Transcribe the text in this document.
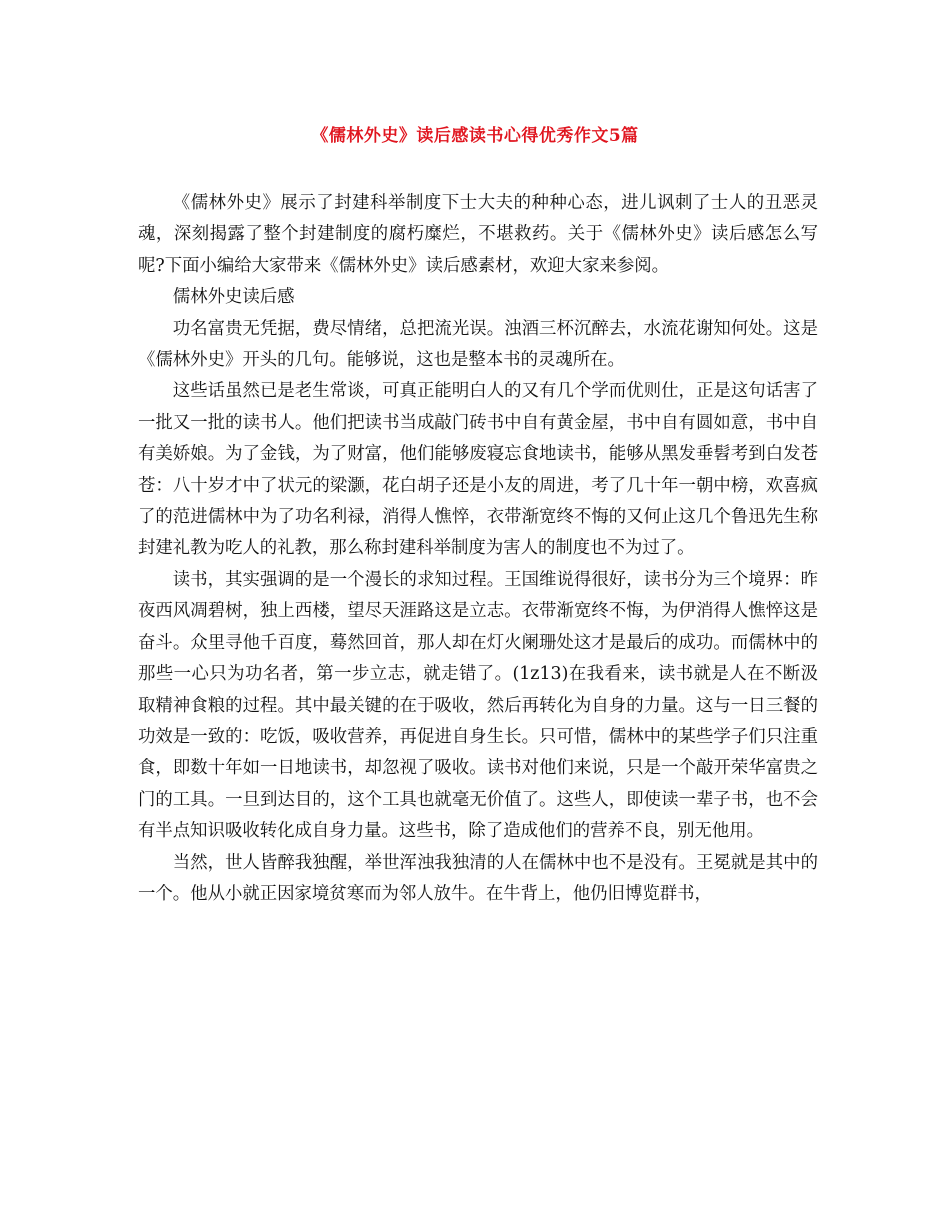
《儒林外史》读后感读书心得优秀作文5篇

《儒林外史》展示了封建科举制度下士大夫的种种心态，进儿讽刺了士人的丑恶灵魂，深刻揭露了整个封建制度的腐朽糜烂，不堪救药。关于《儒林外史》读后感怎么写呢?下面小编给大家带来《儒林外史》读后感素材，欢迎大家来参阅。

儒林外史读后感

功名富贵无凭据，费尽情绪，总把流光误。浊酒三杯沉醉去，水流花谢知何处。这是《儒林外史》开头的几句。能够说，这也是整本书的灵魂所在。

这些话虽然已是老生常谈，可真正能明白人的又有几个学而优则仕，正是这句话害了一批又一批的读书人。他们把读书当成敲门砖书中自有黄金屋，书中自有圆如意，书中自有美娇娘。为了金钱，为了财富，他们能够废寝忘食地读书，能够从黑发垂髫考到白发苍苍：八十岁才中了状元的梁灏，花白胡子还是小友的周进，考了几十年一朝中榜，欢喜疯了的范进儒林中为了功名利禄，消得人憔悴，衣带渐宽终不悔的又何止这几个鲁迅先生称封建礼教为吃人的礼教，那么称封建科举制度为害人的制度也不为过了。

读书，其实强调的是一个漫长的求知过程。王国维说得很好，读书分为三个境界：昨夜西风凋碧树，独上西楼，望尽天涯路这是立志。衣带渐宽终不悔，为伊消得人憔悴这是奋斗。众里寻他千百度，蓦然回首，那人却在灯火阑珊处这才是最后的成功。而儒林中的那些一心只为功名者，第一步立志，就走错了。(1z13)在我看来，读书就是人在不断汲取精神食粮的过程。其中最关键的在于吸收，然后再转化为自身的力量。这与一日三餐的功效是一致的：吃饭，吸收营养，再促进自身生长。只可惜，儒林中的某些学子们只注重食，即数十年如一日地读书，却忽视了吸收。读书对他们来说，只是一个敲开荣华富贵之门的工具。一旦到达目的，这个工具也就毫无价值了。这些人，即使读一辈子书，也不会有半点知识吸收转化成自身力量。这些书，除了造成他们的营养不良，别无他用。

当然，世人皆醉我独醒，举世浑浊我独清的人在儒林中也不是没有。王冕就是其中的一个。他从小就正因家境贫寒而为邻人放牛。在牛背上，他仍旧博览群书，
